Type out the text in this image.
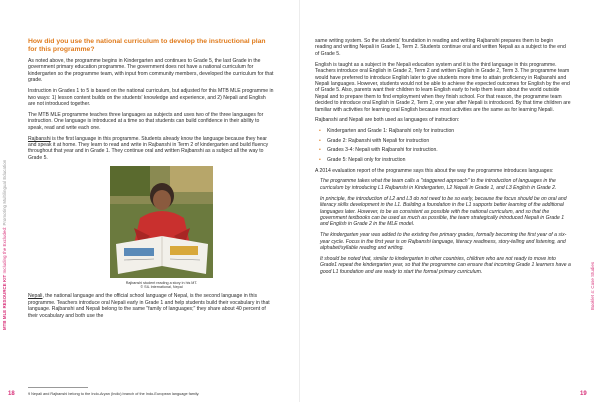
MTB MLE RESOURCE KIT Including the Excluded: Promoting Multilingual Education
How did you use the national curriculum to develop the instructional plan for this programme?

As noted above, the programme begins in Kindergarten and continues to Grade 5, the last Grade in the government primary education programme. The government does not have a national curriculum for kindergarten so the programme team, with input from community members, developed the curriculum for that grade.

Instruction in Grades 1 to 5 is based on the national curriculum, but adjusted for this MTB MLE programme in two ways: 1) lesson content builds on the students' knowledge and experience, and 2) Nepali and English are not introduced together.

The MTB MLE programme teaches three languages as subjects and uses two of the three languages for instruction. One language is introduced at a time so that students can build confidence in their ability to speak, read and write each one.

Rajbanshi is the first language in this programme. Students already know the language because they hear and speak it at home. They learn to read and write in Rajbanshi in Term 2 of kindergarten and build fluency throughout that year and in Grade 1. They continue oral and written Rajbanshi as a subject all the way to Grade 5.

Rajbanshi student reading a story in his MT.
© SIL International, Nepal

Nepali, the national language and the official school language of Nepal, is the second language in this programme. Teachers introduce oral Nepali early in Grade 1 and help students build their vocabulary in that language. Rajbanshi and Nepali belong to the same "family of languages;" they share about 40 percent of their vocabulary and both use the

9 Nepali and Rajbanshi belong to the Indo-Aryan (Indic) branch of the Indo-European language family.
18

same writing system. So the students' foundation in reading and writing Rajbanshi prepares them to begin reading and writing Nepali in Grade 1, Term 2. Students continue oral and written Nepali as a subject to the end of Grade 5.

English is taught as a subject in the Nepali education system and it is the third language in this programme. Teachers introduce oral English in Grade 2, Term 2 and written English in Grade 2, Term 3. The programme team would have preferred to introduce English later to give students more time to attain proficiency in Rajbanshi and Nepali languages. However, students would not be able to achieve the expected outcomes for English by the end of Grade 5. Also, parents want their children to learn English early to help them learn about the world outside Nepal and to prepare them to find employment when they finish school. For that reason, the programme team decided to introduce oral English in Grade 2, Term 2, one year after Nepali is introduced. By that time children are familiar with activities for learning oral English because most activities are the same as for learning Nepali.

Rajbanshi and Nepali are both used as languages of instruction:

• Kindergarten and Grade 1: Rajbanshi only for instruction
• Grade 2: Rajbanshi with Nepali for instruction
• Grades 3-4: Nepali with Rajbanshi for instruction.
• Grade 5: Nepali only for instruction

A 2014 evaluation report of the programme says this about the way the programme introduces languages:

The programme takes what the team calls a "staggered approach" to the introduction of languages in the curriculum by introducing L1 Rajbanshi in Kindergarten, L2 Nepali in Grade 1, and L3 English in Grade 2.

In principle, the introduction of L2 and L3 do not need to be so early, because the focus should be on oral and literacy skills development in the L1. Building a foundation in the L1 supports better learning of the additional languages later. However, to be as consistent as possible with the national curriculum, and so that the government textbooks can be used as much as possible, the team strategically introduced Nepali in Grade 1 and English in Grade 2 in the MLE model.

The kindergarten year was added to the existing five primary grades, formally becoming the first year of a six-year cycle. Focus in the first year is on Rajbanshi language, literacy readiness, story-telling and listening, and alphabet/syllable reading and writing.

It should be noted that, similar to kindergarten in other countries, children who are not ready to move into Grade1 repeat the kindergarten year, so that the programme can ensure that incoming Grade 1 learners have a good L1 foundation and are ready to start the formal primary curriculum.

19
Booklet 4: Case Studies
